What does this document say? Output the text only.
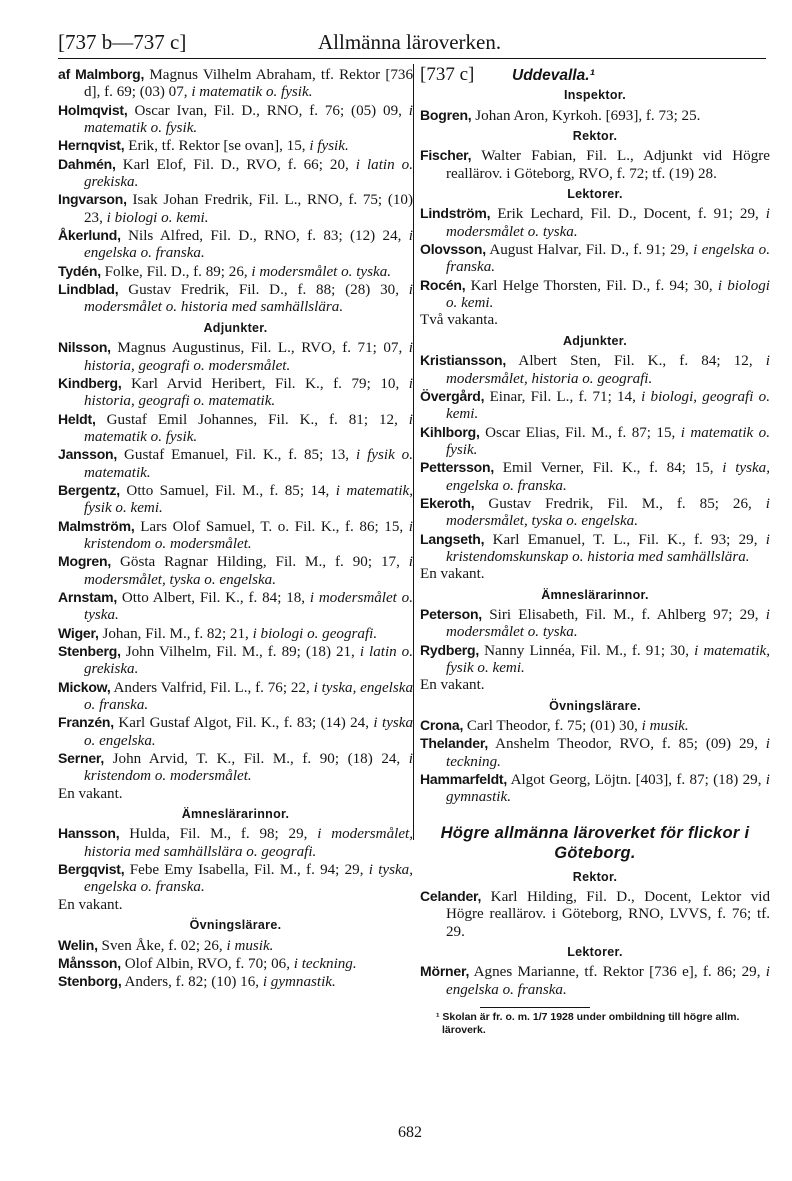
[737 b—737 c]	Allmänna läroverken.

af Malmborg, Magnus Vilhelm Abraham, tf. Rektor [736 d], f. 69; (03) 07, i matematik o. fysik.

Holmqvist, Oscar Ivan, Fil. D., RNO, f. 76; (05) 09, i matematik o. fysik.

Hernqvist, Erik, tf. Rektor [se ovan], 15, i fysik.

Dahmén, Karl Elof, Fil. D., RVO, f. 66; 20, i latin o. grekiska.

Ingvarson, Isak Johan Fredrik, Fil. L., RNO, f. 75; (10) 23, i biologi o. kemi.

Åkerlund, Nils Alfred, Fil. D., RNO, f. 83; (12) 24, i engelska o. franska.

Tydén, Folke, Fil. D., f. 89; 26, i modersmålet o. tyska.

Lindblad, Gustav Fredrik, Fil. D., f. 88; (28) 30, i modersmålet o. historia med samhällslära.

Adjunkter.

Nilsson, Magnus Augustinus, Fil. L., RVO, f. 71; 07, i historia, geografi o. modersmålet.

Kindberg, Karl Arvid Heribert, Fil. K., f. 79; 10, i historia, geografi o. matematik.

Heldt, Gustaf Emil Johannes, Fil. K., f. 81; 12, i matematik o. fysik.

Jansson, Gustaf Emanuel, Fil. K., f. 85; 13, i fysik o. matematik.

Bergentz, Otto Samuel, Fil. M., f. 85; 14, i matematik, fysik o. kemi.

Malmström, Lars Olof Samuel, T. o. Fil. K., f. 86; 15, i kristendom o. modersmålet.

Mogren, Gösta Ragnar Hilding, Fil. M., f. 90; 17, i modersmålet, tyska o. engelska.

Arnstam, Otto Albert, Fil. K., f. 84; 18, i modersmålet o. tyska.

Wiger, Johan, Fil. M., f. 82; 21, i biologi o. geografi.

Stenberg, John Vilhelm, Fil. M., f. 89; (18) 21, i latin o. grekiska.

Mickow, Anders Valfrid, Fil. L., f. 76; 22, i tyska, engelska o. franska.

Franzén, Karl Gustaf Algot, Fil. K., f. 83; (14) 24, i tyska o. engelska.

Serner, John Arvid, T. K., Fil. M., f. 90; (18) 24, i kristendom o. modersmålet.

En vakant.

Ämneslärarinnor.

Hansson, Hulda, Fil. M., f. 98; 29, i modersmålet, historia med samhällslära o. geografi.

Bergqvist, Febe Emy Isabella, Fil. M., f. 94; 29, i tyska, engelska o. franska.

En vakant.

Övningslärare.

Welin, Sven Åke, f. 02; 26, i musik.

Månsson, Olof Albin, RVO, f. 70; 06, i teckning.

Stenborg, Anders, f. 82; (10) 16, i gymnastik.

[737 c]	Uddevalla.¹
Inspektor.

Bogren, Johan Aron, Kyrkoh. [693], f. 73; 25.

Rektor.

Fischer, Walter Fabian, Fil. L., Adjunkt vid Högre reallärov. i Göteborg, RVO, f. 72; tf. (19) 28.

Lektorer.

Lindström, Erik Lechard, Fil. D., Docent, f. 91; 29, i modersmålet o. tyska.

Olovsson, August Halvar, Fil. D., f. 91; 29, i engelska o. franska.

Rocén, Karl Helge Thorsten, Fil. D., f. 94; 30, i biologi o. kemi.

Två vakanta.

Adjunkter.

Kristiansson, Albert Sten, Fil. K., f. 84; 12, i modersmålet, historia o. geografi.

Övergård, Einar, Fil. L., f. 71; 14, i biologi, geografi o. kemi.

Kihlborg, Oscar Elias, Fil. M., f. 87; 15, i matematik o. fysik.

Pettersson, Emil Verner, Fil. K., f. 84; 15, i tyska, engelska o. franska.

Ekeroth, Gustav Fredrik, Fil. M., f. 85; 26, i modersmålet, tyska o. engelska.

Langseth, Karl Emanuel, T. L., Fil. K., f. 93; 29, i kristendomskunskap o. historia med samhällslära.

En vakant.

Ämneslärarinnor.

Peterson, Siri Elisabeth, Fil. M., f. Ahlberg 97; 29, i modersmålet o. tyska.

Rydberg, Nanny Linnéa, Fil. M., f. 91; 30, i matematik, fysik o. kemi.

En vakant.

Övningslärare.

Crona, Carl Theodor, f. 75; (01) 30, i musik.

Thelander, Anshelm Theodor, RVO, f. 85; (09) 29, i teckning.

Hammarfeldt, Algot Georg, Löjtn. [403], f. 87; (18) 29, i gymnastik.

Högre allmänna läroverket för flickor i Göteborg.
Rektor.

Celander, Karl Hilding, Fil. D., Docent, Lektor vid Högre reallärov. i Göteborg, RNO, LVVS, f. 76; tf. 29.

Lektorer.

Mörner, Agnes Marianne, tf. Rektor [736 e], f. 86; 29, i engelska o. franska.

¹ Skolan är fr. o. m. 1/7 1928 under ombildning till högre allm. läroverk.

682
